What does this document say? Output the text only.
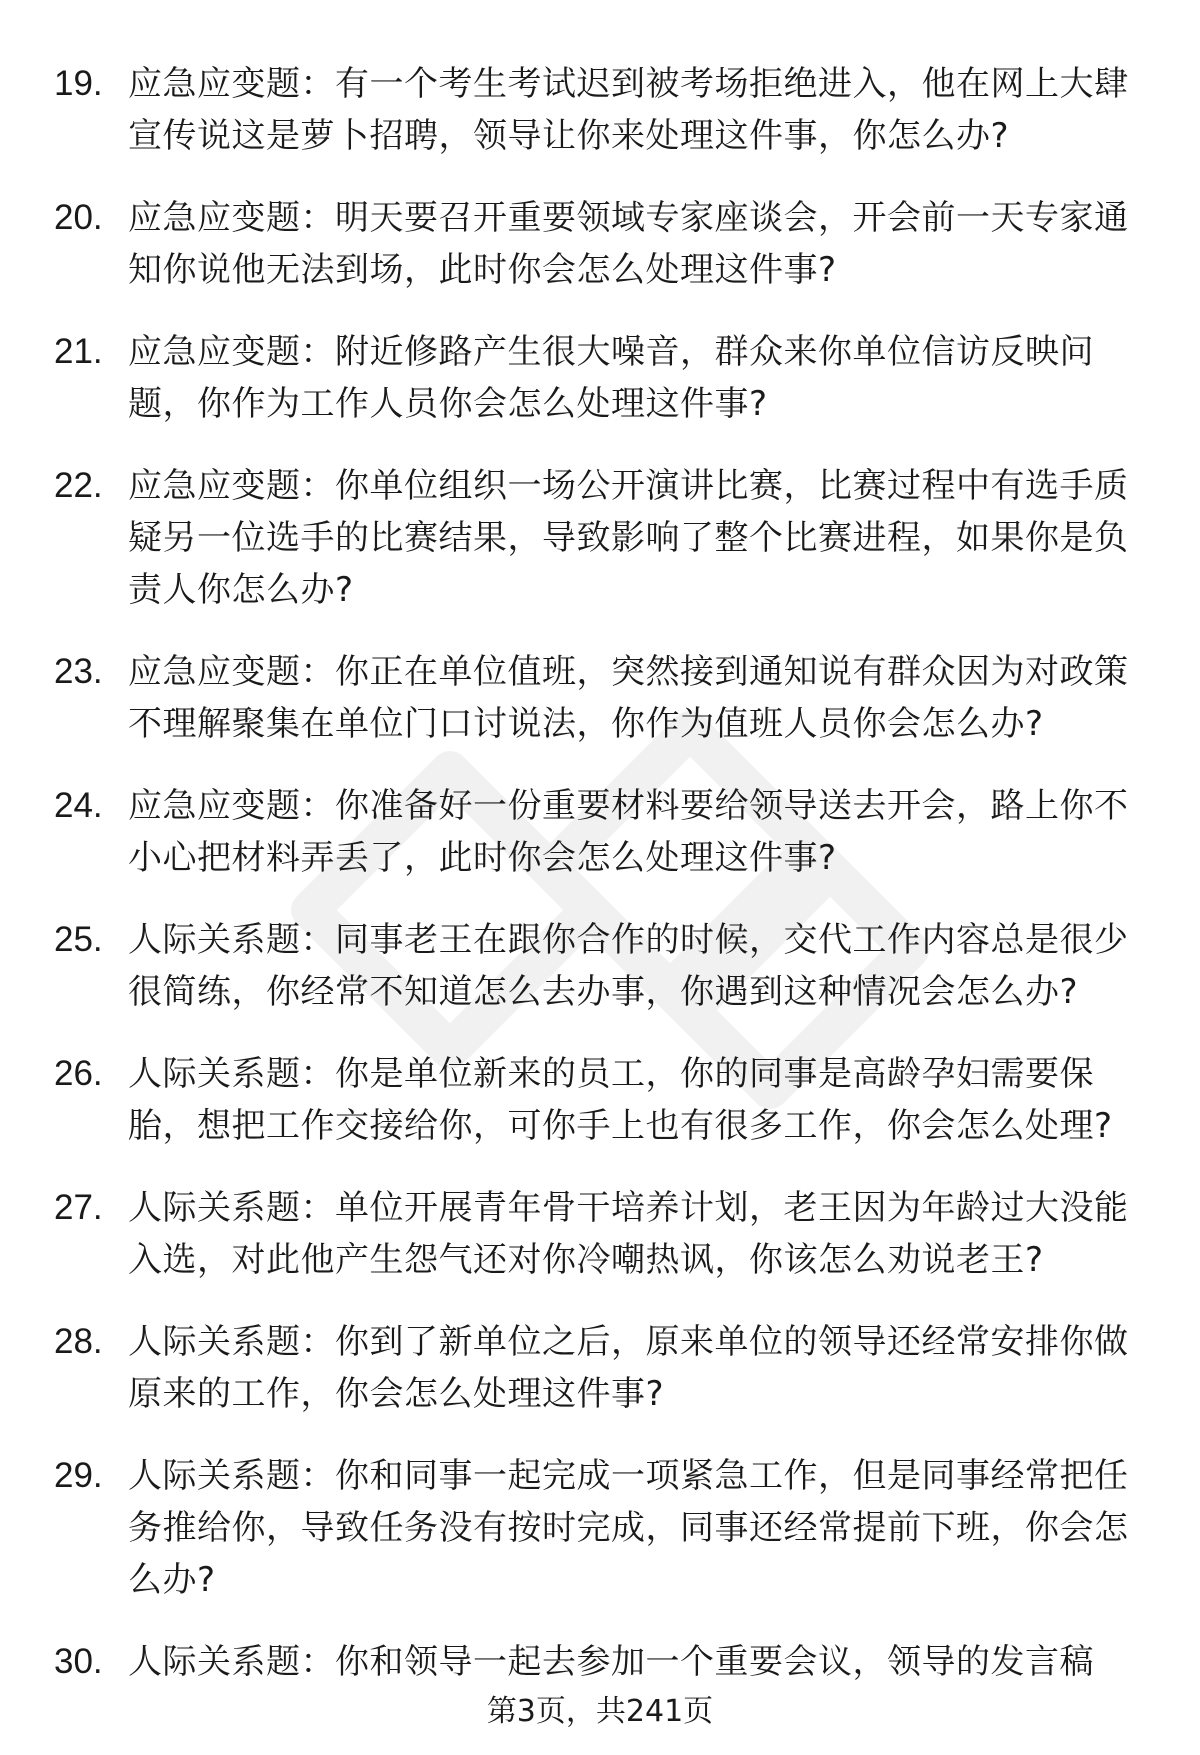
19. 应急应变题：有一个考生考试迟到被考场拒绝进入，他在网上大肆宣传说这是萝卜招聘，领导让你来处理这件事，你怎么办?
20. 应急应变题：明天要召开重要领域专家座谈会，开会前一天专家通知你说他无法到场，此时你会怎么处理这件事?
21. 应急应变题：附近修路产生很大噪音，群众来你单位信访反映问题，你作为工作人员你会怎么处理这件事?
22. 应急应变题：你单位组织一场公开演讲比赛，比赛过程中有选手质疑另一位选手的比赛结果，导致影响了整个比赛进程，如果你是负责人你怎么办?
23. 应急应变题：你正在单位值班，突然接到通知说有群众因为对政策不理解聚集在单位门口讨说法，你作为值班人员你会怎么办?
24. 应急应变题：你准备好一份重要材料要给领导送去开会，路上你不小心把材料弄丢了，此时你会怎么处理这件事?
25. 人际关系题：同事老王在跟你合作的时候，交代工作内容总是很少很简练，你经常不知道怎么去办事，你遇到这种情况会怎么办?
26. 人际关系题：你是单位新来的员工，你的同事是高龄孕妇需要保胎，想把工作交接给你，可你手上也有很多工作，你会怎么处理?
27. 人际关系题：单位开展青年骨干培养计划，老王因为年龄过大没能入选，对此他产生怨气还对你冷嘲热讽，你该怎么劝说老王?
28. 人际关系题：你到了新单位之后，原来单位的领导还经常安排你做原来的工作，你会怎么处理这件事?
29. 人际关系题：你和同事一起完成一项紧急工作，但是同事经常把任务推给你，导致任务没有按时完成，同事还经常提前下班，你会怎么办?
30. 人际关系题：你和领导一起去参加一个重要会议，领导的发言稿
第3页，共241页
